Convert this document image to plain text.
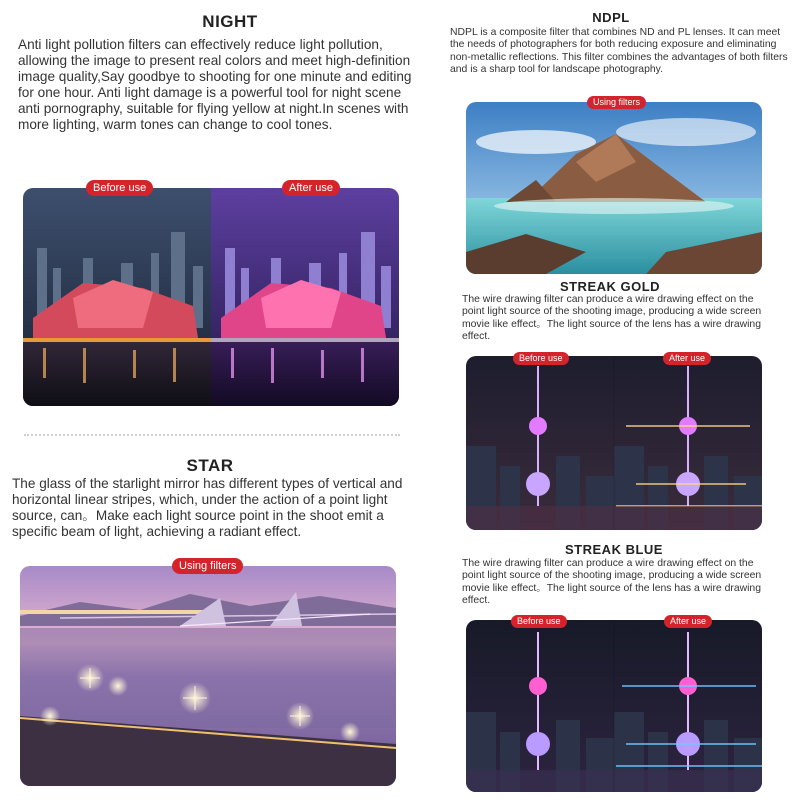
NIGHT
Anti light pollution filters can effectively reduce light pollution, allowing the image to present real colors and meet high-definition image quality,Say goodbye to shooting for one minute and editing for one hour. Anti light damage is a powerful tool for night scene anti pornography, suitable for flying yellow at night.In scenes with more lighting, warm tones can change to cool tones.
Before use	After use
STAR
The glass of the starlight mirror has different types of vertical and horizontal linear stripes, which, under the action of a point light source, can。Make each light source point in the shoot emit a specific beam of light, achieving a radiant effect.
Using filters
NDPL
NDPL is a composite filter that combines ND and PL lenses. It can meet the needs of photographers for both reducing exposure and eliminating non-metallic reflections. This filter combines the advantages of both filters and is a sharp tool for landscape photography.
Using filters
STREAK GOLD
The wire drawing filter can produce a wire drawing effect on the point light source of the shooting image, producing a wide screen movie like effect。The light source of the lens has a wire drawing effect.
Before use	After use
STREAK BLUE
The wire drawing filter can produce a wire drawing effect on the point light source of the shooting image, producing a wide screen movie like effect。The light source of the lens has a wire drawing effect.
Before use	After use
